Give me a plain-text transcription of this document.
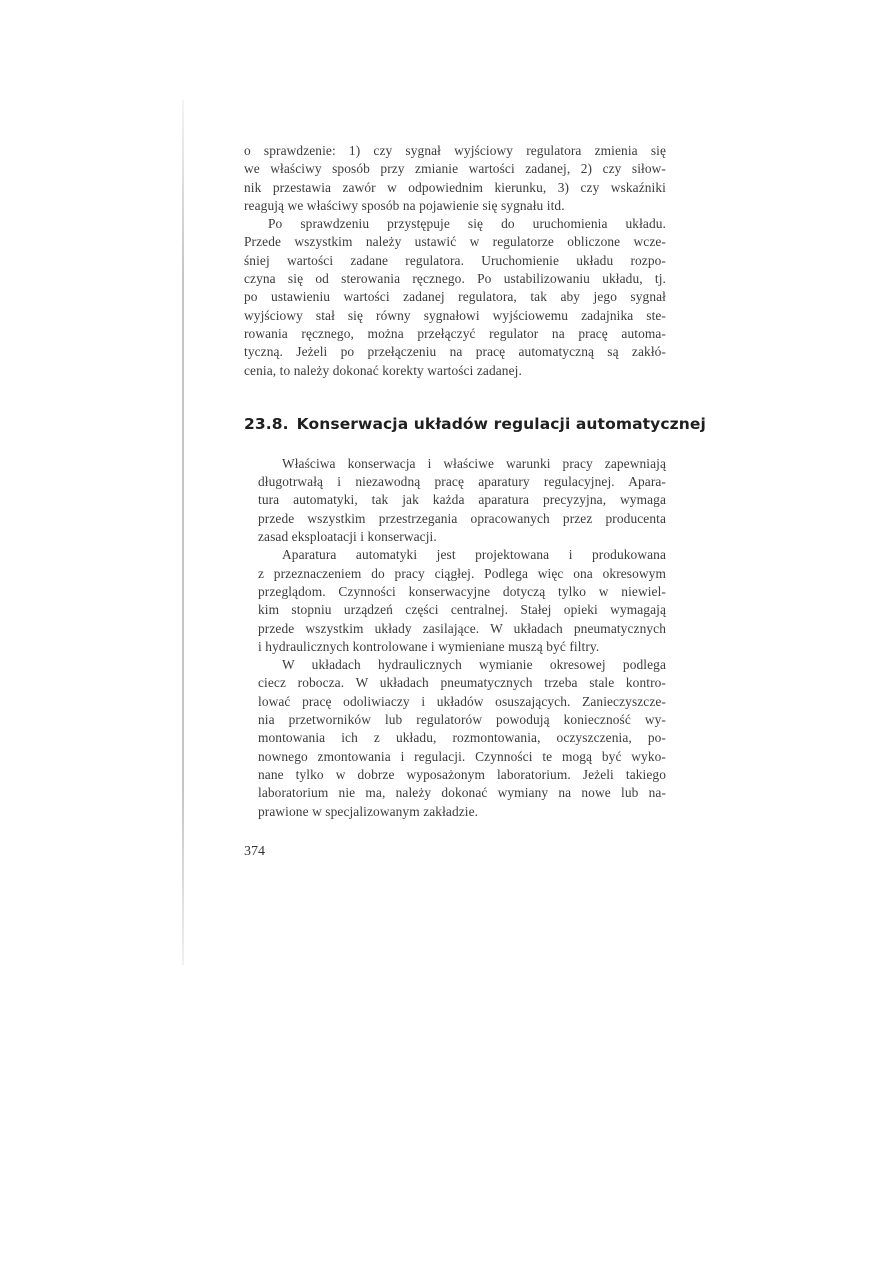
o sprawdzenie: 1) czy sygnał wyjściowy regulatora zmienia się
we właściwy sposób przy zmianie wartości zadanej, 2) czy siłow-
nik przestawia zawór w odpowiednim kierunku, 3) czy wskaźniki
reagują we właściwy sposób na pojawienie się sygnału itd.
Po sprawdzeniu przystępuje się do uruchomienia układu.
Przede wszystkim należy ustawić w regulatorze obliczone wcze-
śniej wartości zadane regulatora. Uruchomienie układu rozpo-
czyna się od sterowania ręcznego. Po ustabilizowaniu układu, tj.
po ustawieniu wartości zadanej regulatora, tak aby jego sygnał
wyjściowy stał się równy sygnałowi wyjściowemu zadajnika ste-
rowania ręcznego, można przełączyć regulator na pracę automa-
tyczną. Jeżeli po przełączeniu na pracę automatyczną są zakłó-
cenia, to należy dokonać korekty wartości zadanej.
23.8. Konserwacja układów regulacji automatycznej
Właściwa konserwacja i właściwe warunki pracy zapewniają
długotrwałą i niezawodną pracę aparatury regulacyjnej. Apara-
tura automatyki, tak jak każda aparatura precyzyjna, wymaga
przede wszystkim przestrzegania opracowanych przez producenta
zasad eksploatacji i konserwacji.
Aparatura automatyki jest projektowana i produkowana
z przeznaczeniem do pracy ciągłej. Podlega więc ona okresowym
przeglądom. Czynności konserwacyjne dotyczą tylko w niewiel-
kim stopniu urządzeń części centralnej. Stałej opieki wymagają
przede wszystkim układy zasilające. W układach pneumatycznych
i hydraulicznych kontrolowane i wymieniane muszą być filtry.
W układach hydraulicznych wymianie okresowej podlega
ciecz robocza. W układach pneumatycznych trzeba stale kontro-
lować pracę odoliwiaczy i układów osuszających. Zanieczyszcze-
nia przetworników lub regulatorów powodują konieczność wy-
montowania ich z układu, rozmontowania, oczyszczenia, po-
nownego zmontowania i regulacji. Czynności te mogą być wyko-
nane tylko w dobrze wyposażonym laboratorium. Jeżeli takiego
laboratorium nie ma, należy dokonać wymiany na nowe lub na-
prawione w specjalizowanym zakładzie.
374
